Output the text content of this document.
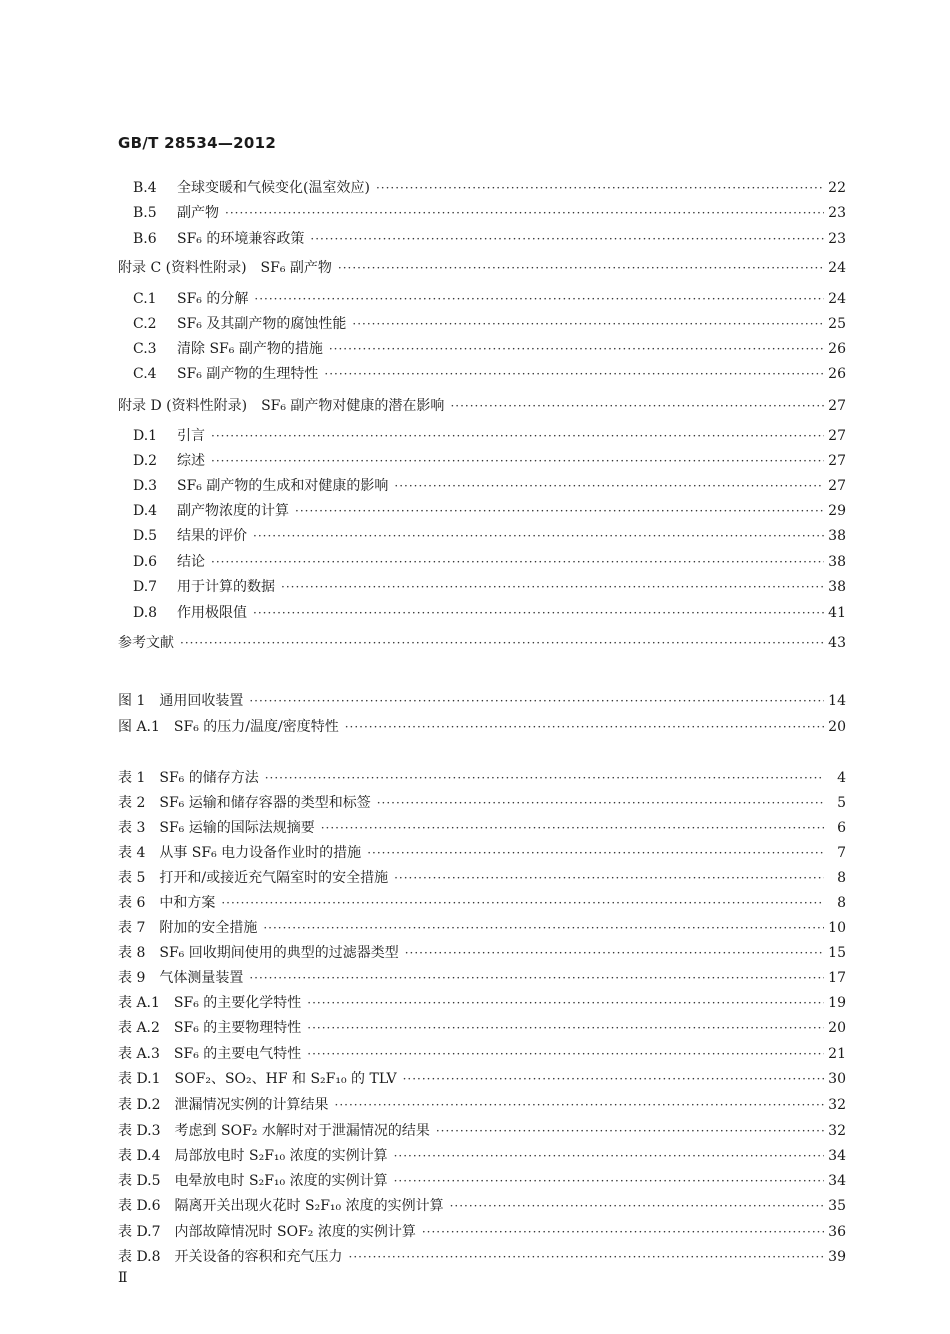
GB/T 28534—2012
B.4	全球变暖和气候变化(温室效应) ·····	22
B.5	副产物 ·····	23
B.6	SF₆ 的环境兼容政策 ·····	23
附录 C (资料性附录) SF₆ 副产物 ·····	24
C.1	SF₆ 的分解 ·····	24
C.2	SF₆ 及其副产物的腐蚀性能 ·····	25
C.3	清除 SF₆ 副产物的措施 ·····	26
C.4	SF₆ 副产物的生理特性 ·····	26
附录 D (资料性附录) SF₆ 副产物对健康的潜在影响 ·····	27
D.1	引言 ·····	27
D.2	综述 ·····	27
D.3	SF₆ 副产物的生成和对健康的影响 ·····	27
D.4	副产物浓度的计算 ·····	29
D.5	结果的评价 ·····	38
D.6	结论 ·····	38
D.7	用于计算的数据 ·····	38
D.8	作用极限值 ·····	41
参考文献 ·····	43
图 1 通用回收装置 ·····	14
图 A.1 SF₆ 的压力/温度/密度特性 ·····	20
表 1 SF₆ 的储存方法 ·····	4
表 2 SF₆ 运输和储存容器的类型和标签 ·····	5
表 3 SF₆ 运输的国际法规摘要 ·····	6
表 4 从事 SF₆ 电力设备作业时的措施 ·····	7
表 5 打开和/或接近充气隔室时的安全措施 ·····	8
表 6 中和方案 ·····	8
表 7 附加的安全措施 ·····	10
表 8 SF₆ 回收期间使用的典型的过滤器类型 ·····	15
表 9 气体测量装置 ·····	17
表 A.1 SF₆ 的主要化学特性 ·····	19
表 A.2 SF₆ 的主要物理特性 ·····	20
表 A.3 SF₆ 的主要电气特性 ·····	21
表 D.1 SOF₂、SO₂、HF 和 S₂F₁₀ 的 TLV ·····	30
表 D.2 泄漏情况实例的计算结果 ·····	32
表 D.3 考虑到 SOF₂ 水解时对于泄漏情况的结果 ·····	32
表 D.4 局部放电时 S₂F₁₀ 浓度的实例计算 ·····	34
表 D.5 电晕放电时 S₂F₁₀ 浓度的实例计算 ·····	34
表 D.6 隔离开关出现火花时 S₂F₁₀ 浓度的实例计算 ·····	35
表 D.7 内部故障情况时 SOF₂ 浓度的实例计算 ·····	36
表 D.8 开关设备的容积和充气压力 ·····	39
Ⅱ
